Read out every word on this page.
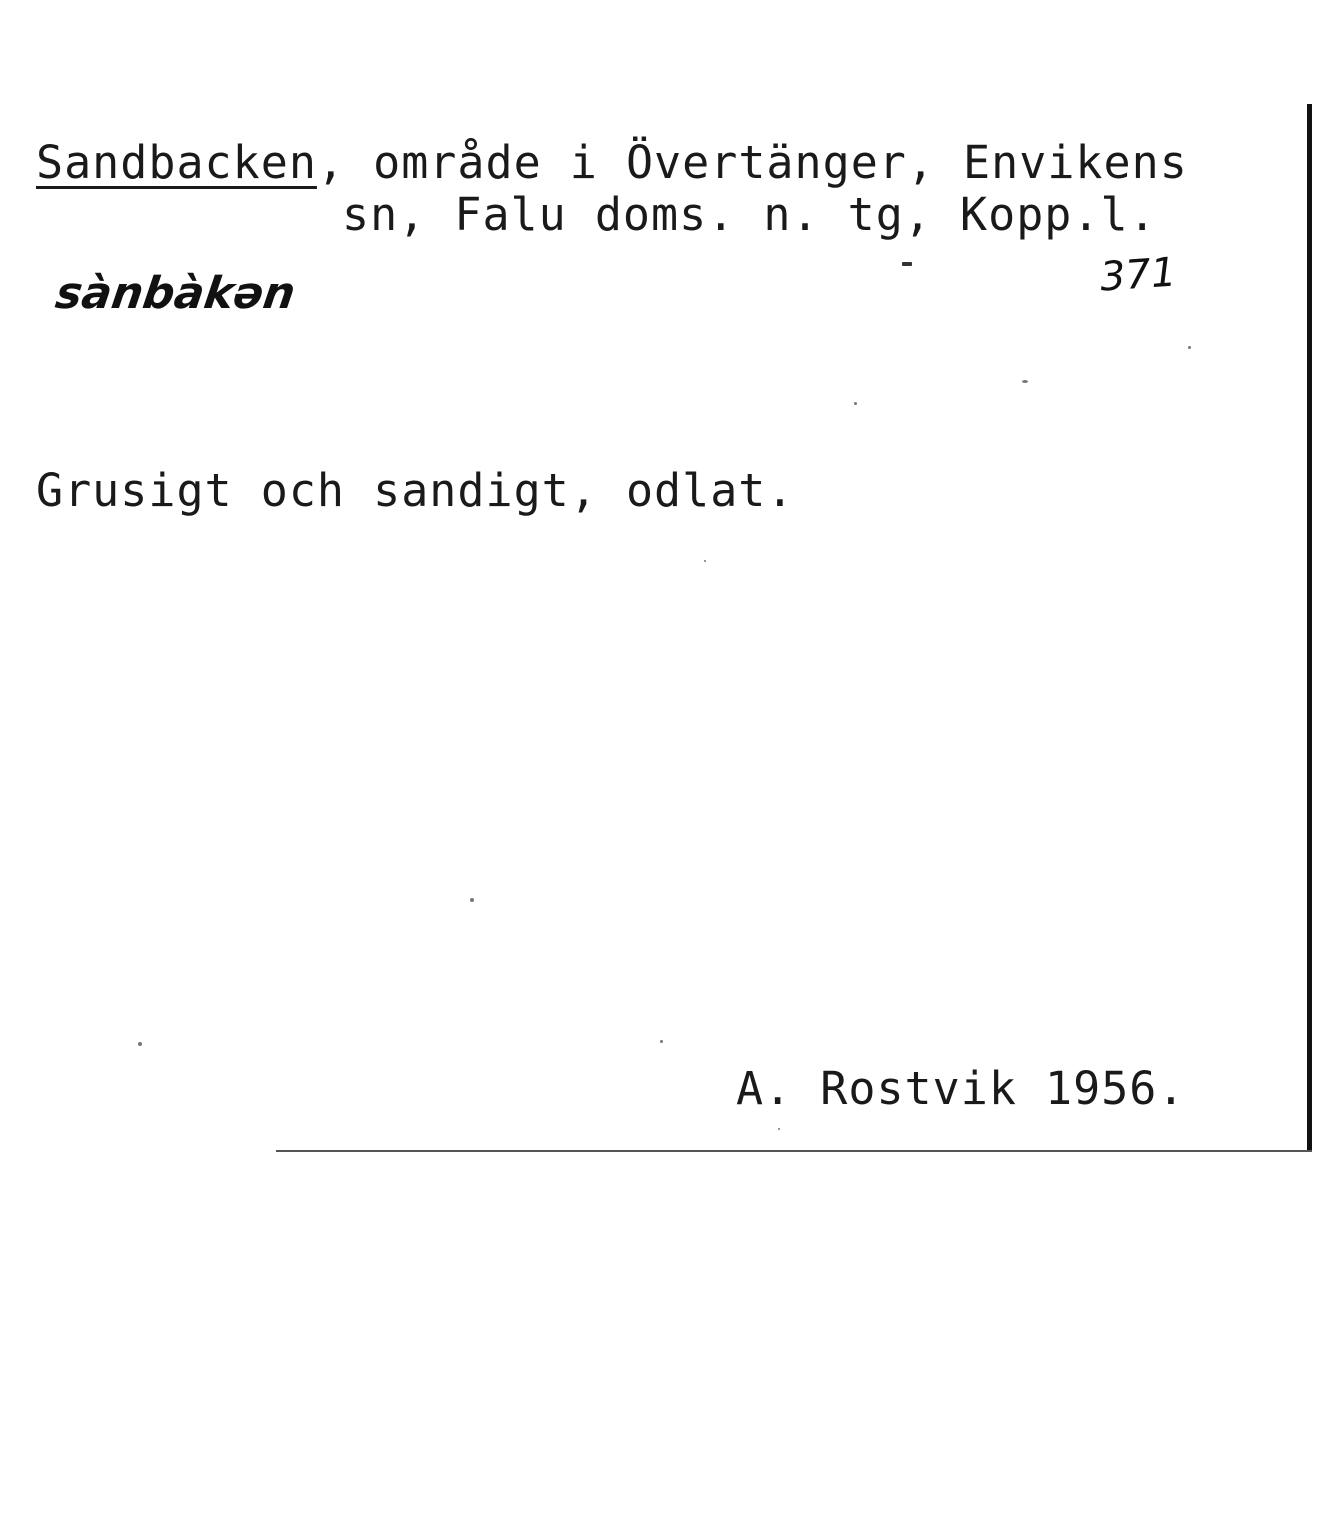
Sandbacken, område i Övertänger, Envikens
sn, Falu doms. n. tg, Kopp.l.
sànbàkən	371
Grusigt och sandigt, odlat.
A. Rostvik 1956.
